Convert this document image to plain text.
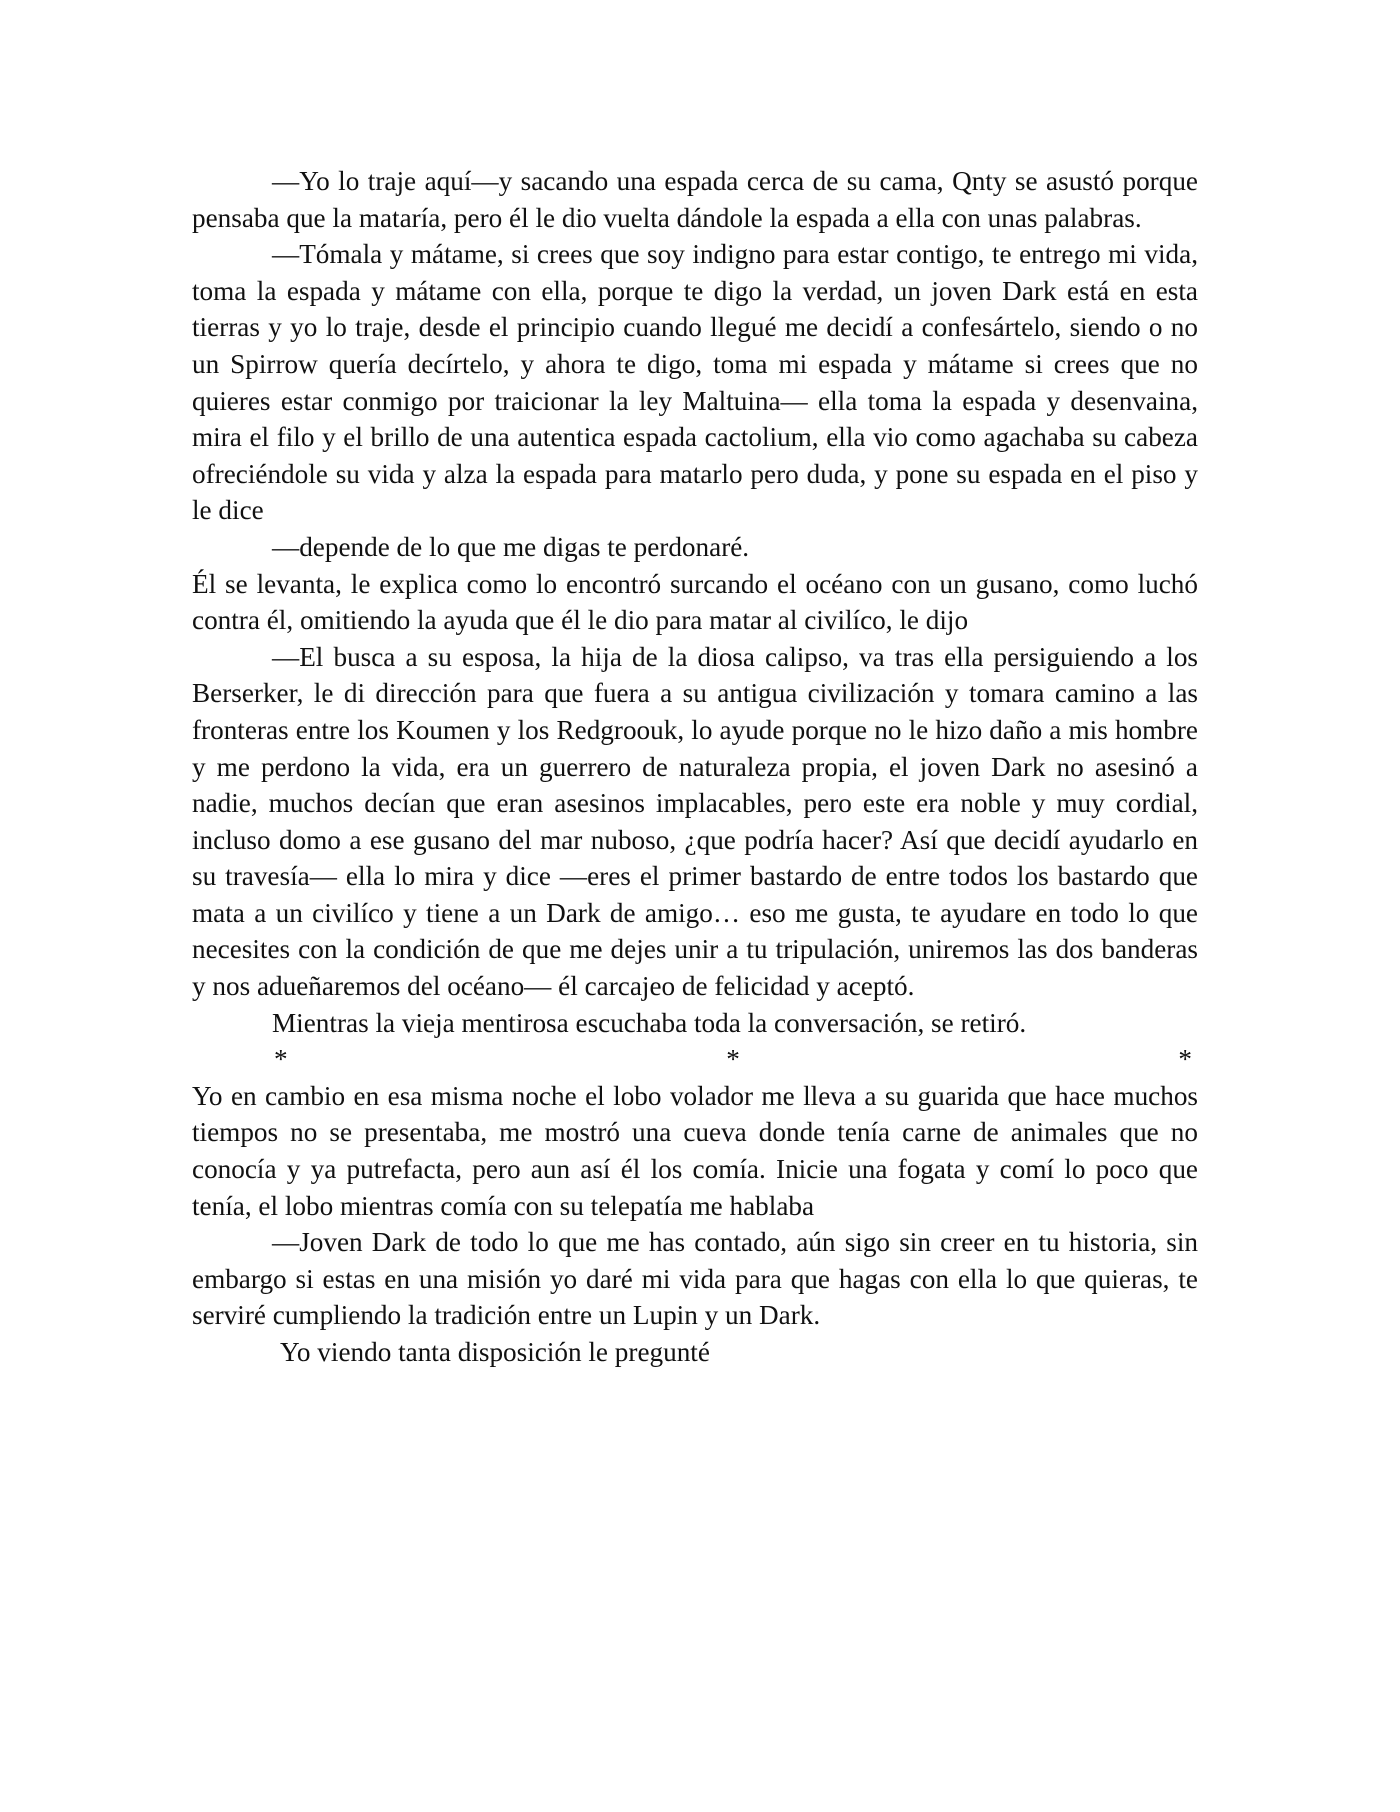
—Yo lo traje aquí—y sacando una espada cerca de su cama, Qnty se asustó porque pensaba que la mataría, pero él le dio vuelta dándole la espada a ella con unas palabras.

—Tómala y mátame, si crees que soy indigno para estar contigo, te entrego mi vida, toma la espada y mátame con ella, porque te digo la verdad, un joven Dark está en esta tierras y yo lo traje, desde el principio cuando llegué me decidí a confesártelo, siendo o no un Spirrow quería decírtelo, y ahora te digo, toma mi espada y mátame si crees que no quieres estar conmigo por traicionar la ley Maltuina— ella toma la espada y desenvaina, mira el filo y el brillo de una autentica espada cactolium, ella vio como agachaba su cabeza ofreciéndole su vida y alza la espada para matarlo pero duda, y pone su espada en el piso y le dice

—depende de lo que me digas te perdonaré.

Él se levanta, le explica como lo encontró surcando el océano con un gusano, como luchó contra él, omitiendo la ayuda que él le dio para matar al civilíco, le dijo

—El busca a su esposa, la hija de la diosa calipso, va tras ella persiguiendo a los Berserker, le di dirección para que fuera a su antigua civilización y tomara camino a las fronteras entre los Koumen y los Redgroouk, lo ayude porque no le hizo daño a mis hombre y me perdono la vida, era un guerrero de naturaleza propia, el joven Dark no asesinó a nadie, muchos decían que eran asesinos implacables, pero este era noble y muy cordial, incluso domo a ese gusano del mar nuboso, ¿que podría hacer? Así que decidí ayudarlo en su travesía— ella lo mira y dice —eres el primer bastardo de entre todos los bastardo que mata a un civilíco y tiene a un Dark de amigo… eso me gusta, te ayudare en todo lo que necesites con la condición de que me dejes unir a tu tripulación, uniremos las dos banderas y nos adueñaremos del océano— él carcajeo de felicidad y aceptó.

Mientras la vieja mentirosa escuchaba toda la conversación, se retiró.

*	*	*

Yo en cambio en esa misma noche el lobo volador me lleva a su guarida que hace muchos tiempos no se presentaba, me mostró una cueva donde tenía carne de animales que no conocía y ya putrefacta, pero aun así él los comía. Inicie una fogata y comí lo poco que tenía, el lobo mientras comía con su telepatía me hablaba

—Joven Dark de todo lo que me has contado, aún sigo sin creer en tu historia, sin embargo si estas en una misión yo daré mi vida para que hagas con ella lo que quieras, te serviré cumpliendo la tradición entre un Lupin y un Dark.

Yo viendo tanta disposición le pregunté
